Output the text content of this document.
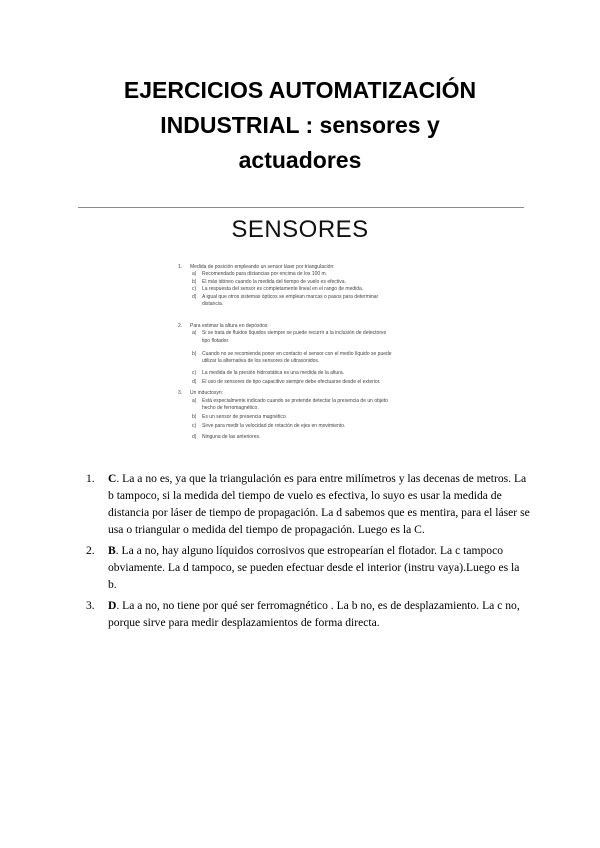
EJERCICIOS AUTOMATIZACIÓN
INDUSTRIAL : sensores y
actuadores
SENSORES
1. Medida de posición empleando un sensor láser por triangulación:
a) Recomendado para distancias por encima de los 100 m.
b) El más idóneo cuando la medida del tiempo de vuelo es efectiva.
c) La respuesta del sensor es completamente lineal en el rango de medida.
d) A igual que otros sistemas ópticos se emplean marcas o pasos para determinar
distancia.
2. Para estimar la altura en depósitos:
a) Si se trata de fluidos líquidos siempre se puede recurrir a la inclusión de detectores
tipo flotador.
b) Cuando no se recomienda poner en contacto el sensor con el medio líquido se puede
utilizar la alternativa de los sensores de ultrasonidos.
c) La medida de la presión hidrostática es una medida de la altura.
d) El uso de sensores de tipo capacitivo siempre debe efectuarse desde el exterior.
3. Un inductosyn:
a) Está especialmente indicado cuando se pretende detectar la presencia de un objeto
hecho de ferromagnético.
b) Es un sensor de presencia magnético.
c) Sirve para medir la velocidad de rotación de ejes en movimiento.
d) Ninguna de las anteriores.
1. C. La a no es, ya que la triangulación es para entre milímetros y las decenas de metros. La b tampoco, si la medida del tiempo de vuelo es efectiva, lo suyo es usar la medida de distancia por láser de tiempo de propagación. La d sabemos que es mentira, para el láser se usa o triangular o medida del tiempo de propagación. Luego es la C.
2. B. La a no, hay alguno líquidos corrosivos que estropearían el flotador. La c tampoco obviamente. La d tampoco, se pueden efectuar desde el interior (instru vaya).Luego es la b.
3. D. La a no, no tiene por qué ser ferromagnético . La b no, es de desplazamiento. La c no, porque sirve para medir desplazamientos de forma directa.
